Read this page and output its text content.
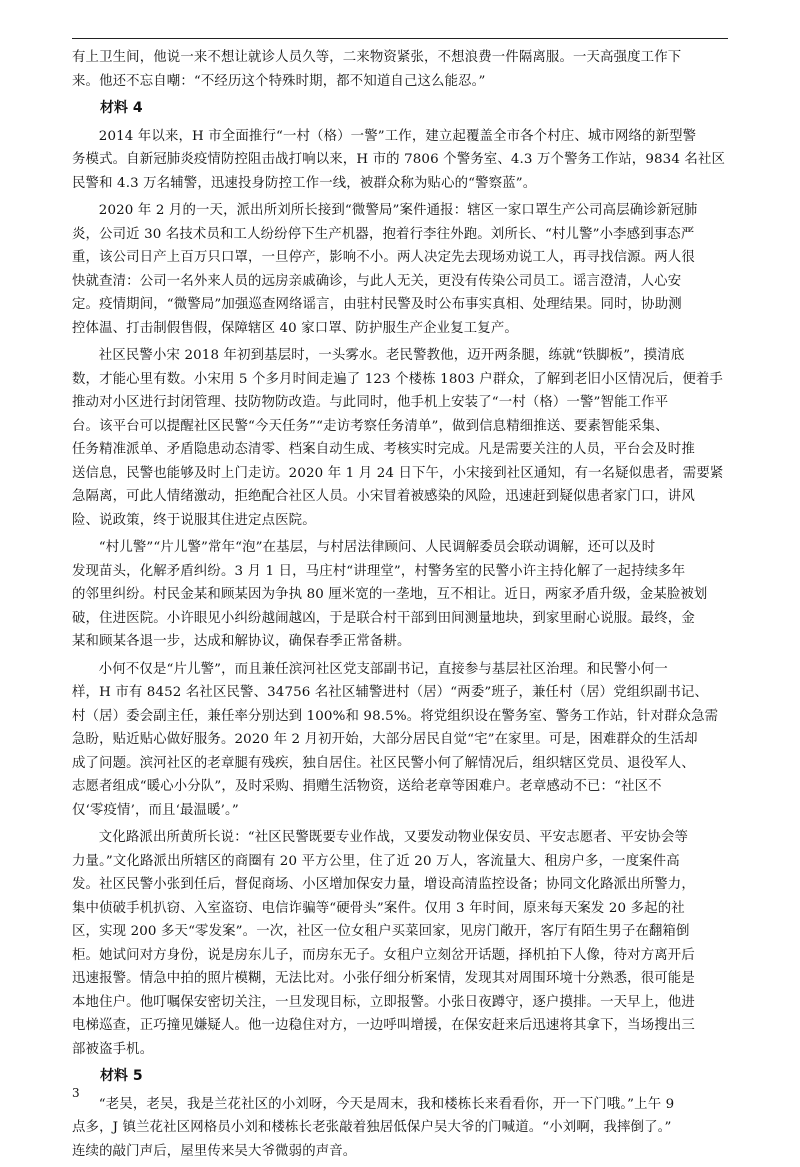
有上卫生间，他说一来不想让就诊人员久等，二来物资紧张，不想浪费一件隔离服。一天高强度工作下
来。他还不忘自嘲：“不经历这个特殊时期，都不知道自己这么能忍。”

材料 4

2014 年以来，H 市全面推行“一村（格）一警”工作，建立起覆盖全市各个村庄、城市网络的新型警
务模式。自新冠肺炎疫情防控阻击战打响以来，H 市的 7806 个警务室、4.3 万个警务工作站，9834 名社区
民警和 4.3 万名辅警，迅速投身防控工作一线，被群众称为贴心的“警察蓝”。

2020 年 2 月的一天，派出所刘所长接到“微警局”案件通报：辖区一家口罩生产公司高层确诊新冠肺
炎，公司近 30 名技术员和工人纷纷停下生产机器，抱着行李往外跑。刘所长、“村儿警”小李感到事态严
重，该公司日产上百万只口罩，一旦停产，影响不小。两人决定先去现场劝说工人，再寻找信源。两人很
快就查清：公司一名外来人员的远房亲戚确诊，与此人无关，更没有传染公司员工。谣言澄清，人心安
定。疫情期间，“微警局”加强巡查网络谣言，由驻村民警及时公布事实真相、处理结果。同时，协助测
控体温、打击制假售假，保障辖区 40 家口罩、防护服生产企业复工复产。

社区民警小宋 2018 年初到基层时，一头雾水。老民警教他，迈开两条腿，练就“铁脚板”，摸清底
数，才能心里有数。小宋用 5 个多月时间走遍了 123 个楼栋 1803 户群众，了解到老旧小区情况后，便着手
推动对小区进行封闭管理、技防物防改造。与此同时，他手机上安装了“一村（格）一警”智能工作平
台。该平台可以提醒社区民警“今天任务”“走访考察任务清单”，做到信息精细推送、要素智能采集、
任务精准派单、矛盾隐患动态清零、档案自动生成、考核实时完成。凡是需要关注的人员，平台会及时推
送信息，民警也能够及时上门走访。2020 年 1 月 24 日下午，小宋接到社区通知，有一名疑似患者，需要紧
急隔离，可此人情绪激动，拒绝配合社区人员。小宋冒着被感染的风险，迅速赶到疑似患者家门口，讲风
险、说政策，终于说服其住进定点医院。

“村儿警”“片儿警”常年“泡”在基层，与村居法律顾问、人民调解委员会联动调解，还可以及时
发现苗头，化解矛盾纠纷。3 月 1 日，马庄村“讲理堂”，村警务室的民警小许主持化解了一起持续多年
的邻里纠纷。村民金某和顾某因为争执 80 厘米宽的一垄地，互不相让。近日，两家矛盾升级，金某脸被划
破，住进医院。小许眼见小纠纷越闹越凶，于是联合村干部到田间测量地块，到家里耐心说服。最终，金
某和顾某各退一步，达成和解协议，确保春季正常备耕。

小何不仅是“片儿警”，而且兼任滨河社区党支部副书记，直接参与基层社区治理。和民警小何一
样，H 市有 8452 名社区民警、34756 名社区辅警进村（居）“两委”班子，兼任村（居）党组织副书记、
村（居）委会副主任，兼任率分别达到 100%和 98.5%。将党组织设在警务室、警务工作站，针对群众急需
急盼，贴近贴心做好服务。2020 年 2 月初开始，大部分居民自觉“宅”在家里。可是，困难群众的生活却
成了问题。滨河社区的老章腿有残疾，独自居住。社区民警小何了解情况后，组织辖区党员、退役军人、
志愿者组成“暖心小分队”，及时采购、捐赠生活物资，送给老章等困难户。老章感动不已：“社区不
仅‘零疫情’，而且‘最温暖’。”

文化路派出所黄所长说：“社区民警既要专业作战，又要发动物业保安员、平安志愿者、平安协会等
力量。”文化路派出所辖区的商圈有 20 平方公里，住了近 20 万人，客流量大、租房户多，一度案件高
发。社区民警小张到任后，督促商场、小区增加保安力量，增设高清监控设备；协同文化路派出所警力，
集中侦破手机扒窃、入室盗窃、电信诈骗等“硬骨头”案件。仅用 3 年时间，原来每天案发 20 多起的社
区，实现 200 多天“零发案”。一次，社区一位女租户买菜回家，见房门敞开，客厅有陌生男子在翻箱倒
柜。她试问对方身份，说是房东儿子，而房东无子。女租户立刻岔开话题，择机拍下人像，待对方离开后
迅速报警。情急中拍的照片模糊，无法比对。小张仔细分析案情，发现其对周围环境十分熟悉，很可能是
本地住户。他叮嘱保安密切关注，一旦发现目标，立即报警。小张日夜蹲守，逐户摸排。一天早上，他进
电梯巡查，正巧撞见嫌疑人。他一边稳住对方，一边呼叫增援，在保安赶来后迅速将其拿下，当场搜出三
部被盗手机。

材料 5

“老吴，老吴，我是兰花社区的小刘呀，今天是周末，我和楼栋长来看看你，开一下门哦。”上午 9
点多，J 镇兰花社区网格员小刘和楼栋长老张敲着独居低保户吴大爷的门喊道。“小刘啊，我摔倒了。”
连续的敲门声后，屋里传来吴大爷微弱的声音。

3
